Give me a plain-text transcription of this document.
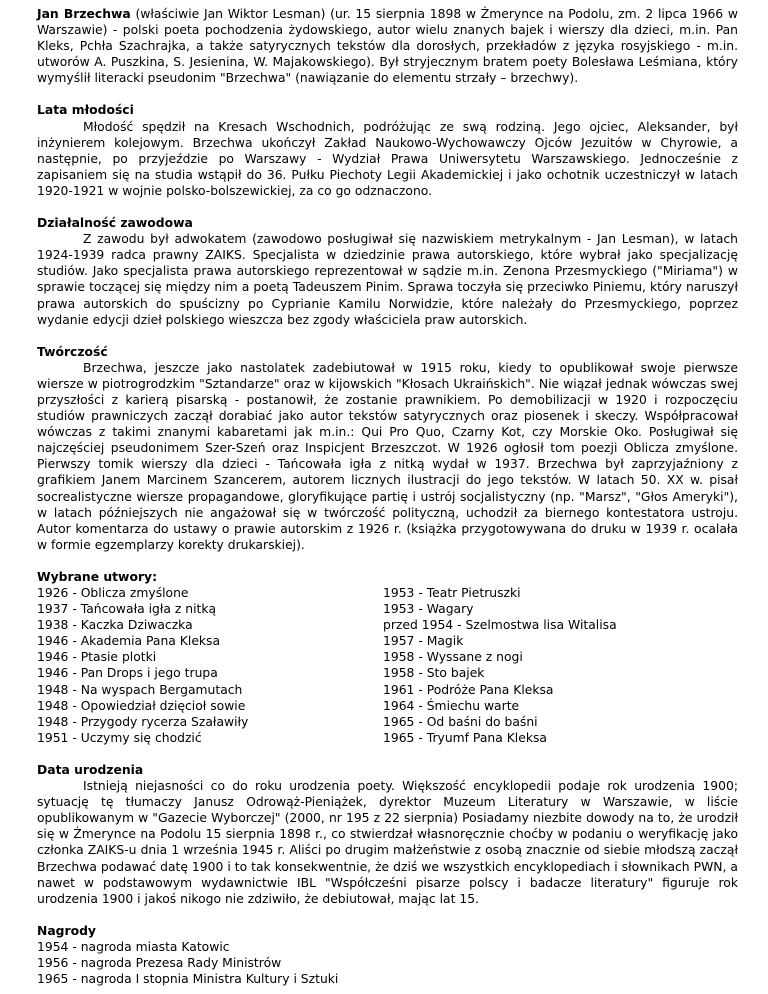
Jan Brzechwa (właściwie Jan Wiktor Lesman) (ur. 15 sierpnia 1898 w Żmerynce na Podolu, zm. 2 lipca 1966 w Warszawie) - polski poeta pochodzenia żydowskiego, autor wielu znanych bajek i wierszy dla dzieci, m.in. Pan Kleks, Pchła Szachrajka, a także satyrycznych tekstów dla dorosłych, przekładów z języka rosyjskiego - m.in. utworów A. Puszkina, S. Jesienina, W. Majakowskiego). Był stryjecznym bratem poety Bolesława Leśmiana, który wymyślił literacki pseudonim "Brzechwa" (nawiązanie do elementu strzały – brzechwy).

Lata młodości

Młodość spędził na Kresach Wschodnich, podróżując ze swą rodziną. Jego ojciec, Aleksander, był inżynierem kolejowym. Brzechwa ukończył Zakład Naukowo-Wychowawczy Ojców Jezuitów w Chyrowie, a następnie, po przyjeździe po Warszawy - Wydział Prawa Uniwersytetu Warszawskiego. Jednocześnie z zapisaniem się na studia wstąpił do 36. Pułku Piechoty Legii Akademickiej i jako ochotnik uczestniczył w latach 1920-1921 w wojnie polsko-bolszewickiej, za co go odznaczono.

Działalność zawodowa

Z zawodu był adwokatem (zawodowo posługiwał się nazwiskiem metrykalnym - Jan Lesman), w latach 1924-1939 radca prawny ZAIKS. Specjalista w dziedzinie prawa autorskiego, które wybrał jako specjalizację studiów. Jako specjalista prawa autorskiego reprezentował w sądzie m.in. Zenona Przesmyckiego ("Miriama") w sprawie toczącej się między nim a poetą Tadeuszem Pinim. Sprawa toczyła się przeciwko Piniemu, który naruszył prawa autorskich do spuścizny po Cyprianie Kamilu Norwidzie, które należały do Przesmyckiego, poprzez wydanie edycji dzieł polskiego wieszcza bez zgody właściciela praw autorskich.

Twórczość

Brzechwa, jeszcze jako nastolatek zadebiutował w 1915 roku, kiedy to opublikował swoje pierwsze wiersze w piotrogrodzkim "Sztandarze" oraz w kijowskich "Kłosach Ukraińskich". Nie wiązał jednak wówczas swej przyszłości z karierą pisarską - postanowił, że zostanie prawnikiem. Po demobilizacji w 1920 i rozpoczęciu studiów prawniczych zaczął dorabiać jako autor tekstów satyrycznych oraz piosenek i skeczy. Współpracował wówczas z takimi znanymi kabaretami jak m.in.: Qui Pro Quo, Czarny Kot, czy Morskie Oko. Posługiwał się najczęściej pseudonimem Szer-Szeń oraz Inspicjent Brzeszczot. W 1926 ogłosił tom poezji Oblicza zmyślone. Pierwszy tomik wierszy dla dzieci - Tańcowała igła z nitką wydał w 1937. Brzechwa był zaprzyjaźniony z grafikiem Janem Marcinem Szancerem, autorem licznych ilustracji do jego tekstów. W latach 50. XX w. pisał socrealistyczne wiersze propagandowe, gloryfikujące partię i ustrój socjalistyczny (np. "Marsz", "Głos Ameryki"), w latach późniejszych nie angażował się w twórczość polityczną, uchodził za biernego kontestatora ustroju. Autor komentarza do ustawy o prawie autorskim z 1926 r. (książka przygotowywana do druku w 1939 r. ocalała w formie egzemplarzy korekty drukarskiej).

Wybrane utwory:
1926 - Oblicza zmyślone
1937 - Tańcowała igła z nitką
1938 - Kaczka Dziwaczka
1946 - Akademia Pana Kleksa
1946 - Ptasie plotki
1946 - Pan Drops i jego trupa
1948 - Na wyspach Bergamutach
1948 - Opowiedział dzięcioł sowie
1948 - Przygody rycerza Szaławiły
1951 - Uczymy się chodzić
1953 - Teatr Pietruszki
1953 - Wagary
przed 1954 - Szelmostwa lisa Witalisa
1957 - Magik
1958 - Wyssane z nogi
1958 - Sto bajek
1961 - Podróże Pana Kleksa
1964 - Śmiechu warte
1965 - Od baśni do baśni
1965 - Tryumf Pana Kleksa
Data urodzenia

Istnieją niejasności co do roku urodzenia poety. Większość encyklopedii podaje rok urodzenia 1900; sytuację tę tłumaczy Janusz Odrowąż-Pieniążek, dyrektor Muzeum Literatury w Warszawie, w liście opublikowanym w "Gazecie Wyborczej" (2000, nr 195 z 22 sierpnia) Posiadamy niezbite dowody na to, że urodził się w Żmerynce na Podolu 15 sierpnia 1898 r., co stwierdzał własnoręcznie choćby w podaniu o weryfikację jako członka ZAIKS-u dnia 1 września 1945 r. Aliści po drugim małżeństwie z osobą znacznie od siebie młodszą zaczął Brzechwa podawać datę 1900 i to tak konsekwentnie, że dziś we wszystkich encyklopediach i słownikach PWN, a nawet w podstawowym wydawnictwie IBL "Współcześni pisarze polscy i badacze literatury" figuruje rok urodzenia 1900 i jakoś nikogo nie zdziwiło, że debiutował, mając lat 15.

Nagrody
1954 - nagroda miasta Katowic
1956 - nagroda Prezesa Rady Ministrów
1965 - nagroda I stopnia Ministra Kultury i Sztuki
